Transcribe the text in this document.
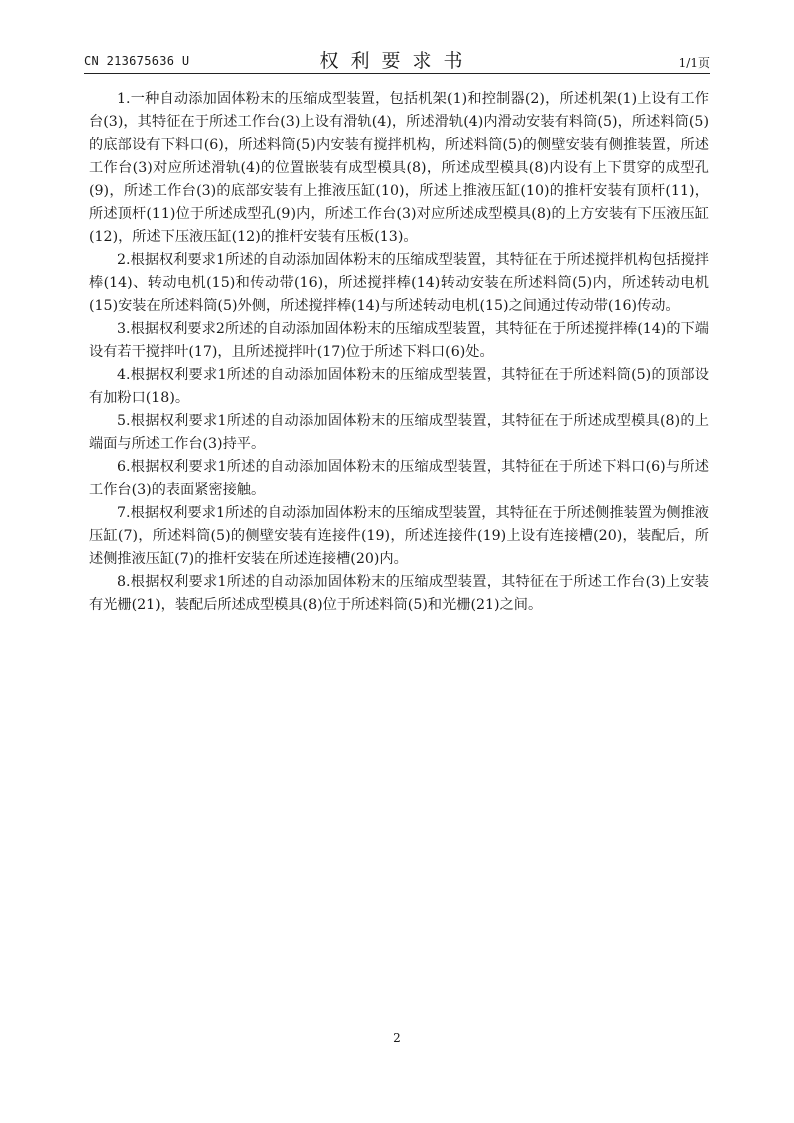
CN 213675636 U	权利要求书	1/1页

1.一种自动添加固体粉末的压缩成型装置，包括机架(1)和控制器(2)，所述机架(1)上设有工作台(3)，其特征在于所述工作台(3)上设有滑轨(4)，所述滑轨(4)内滑动安装有料筒(5)，所述料筒(5)的底部设有下料口(6)，所述料筒(5)内安装有搅拌机构，所述料筒(5)的侧壁安装有侧推装置，所述工作台(3)对应所述滑轨(4)的位置嵌装有成型模具(8)，所述成型模具(8)内设有上下贯穿的成型孔(9)，所述工作台(3)的底部安装有上推液压缸(10)，所述上推液压缸(10)的推杆安装有顶杆(11)，所述顶杆(11)位于所述成型孔(9)内，所述工作台(3)对应所述成型模具(8)的上方安装有下压液压缸(12)，所述下压液压缸(12)的推杆安装有压板(13)。

2.根据权利要求1所述的自动添加固体粉末的压缩成型装置，其特征在于所述搅拌机构包括搅拌棒(14)、转动电机(15)和传动带(16)，所述搅拌棒(14)转动安装在所述料筒(5)内，所述转动电机(15)安装在所述料筒(5)外侧，所述搅拌棒(14)与所述转动电机(15)之间通过传动带(16)传动。

3.根据权利要求2所述的自动添加固体粉末的压缩成型装置，其特征在于所述搅拌棒(14)的下端设有若干搅拌叶(17)，且所述搅拌叶(17)位于所述下料口(6)处。

4.根据权利要求1所述的自动添加固体粉末的压缩成型装置，其特征在于所述料筒(5)的顶部设有加粉口(18)。

5.根据权利要求1所述的自动添加固体粉末的压缩成型装置，其特征在于所述成型模具(8)的上端面与所述工作台(3)持平。

6.根据权利要求1所述的自动添加固体粉末的压缩成型装置，其特征在于所述下料口(6)与所述工作台(3)的表面紧密接触。

7.根据权利要求1所述的自动添加固体粉末的压缩成型装置，其特征在于所述侧推装置为侧推液压缸(7)，所述料筒(5)的侧壁安装有连接件(19)，所述连接件(19)上设有连接槽(20)，装配后，所述侧推液压缸(7)的推杆安装在所述连接槽(20)内。

8.根据权利要求1所述的自动添加固体粉末的压缩成型装置，其特征在于所述工作台(3)上安装有光栅(21)，装配后所述成型模具(8)位于所述料筒(5)和光栅(21)之间。

2
